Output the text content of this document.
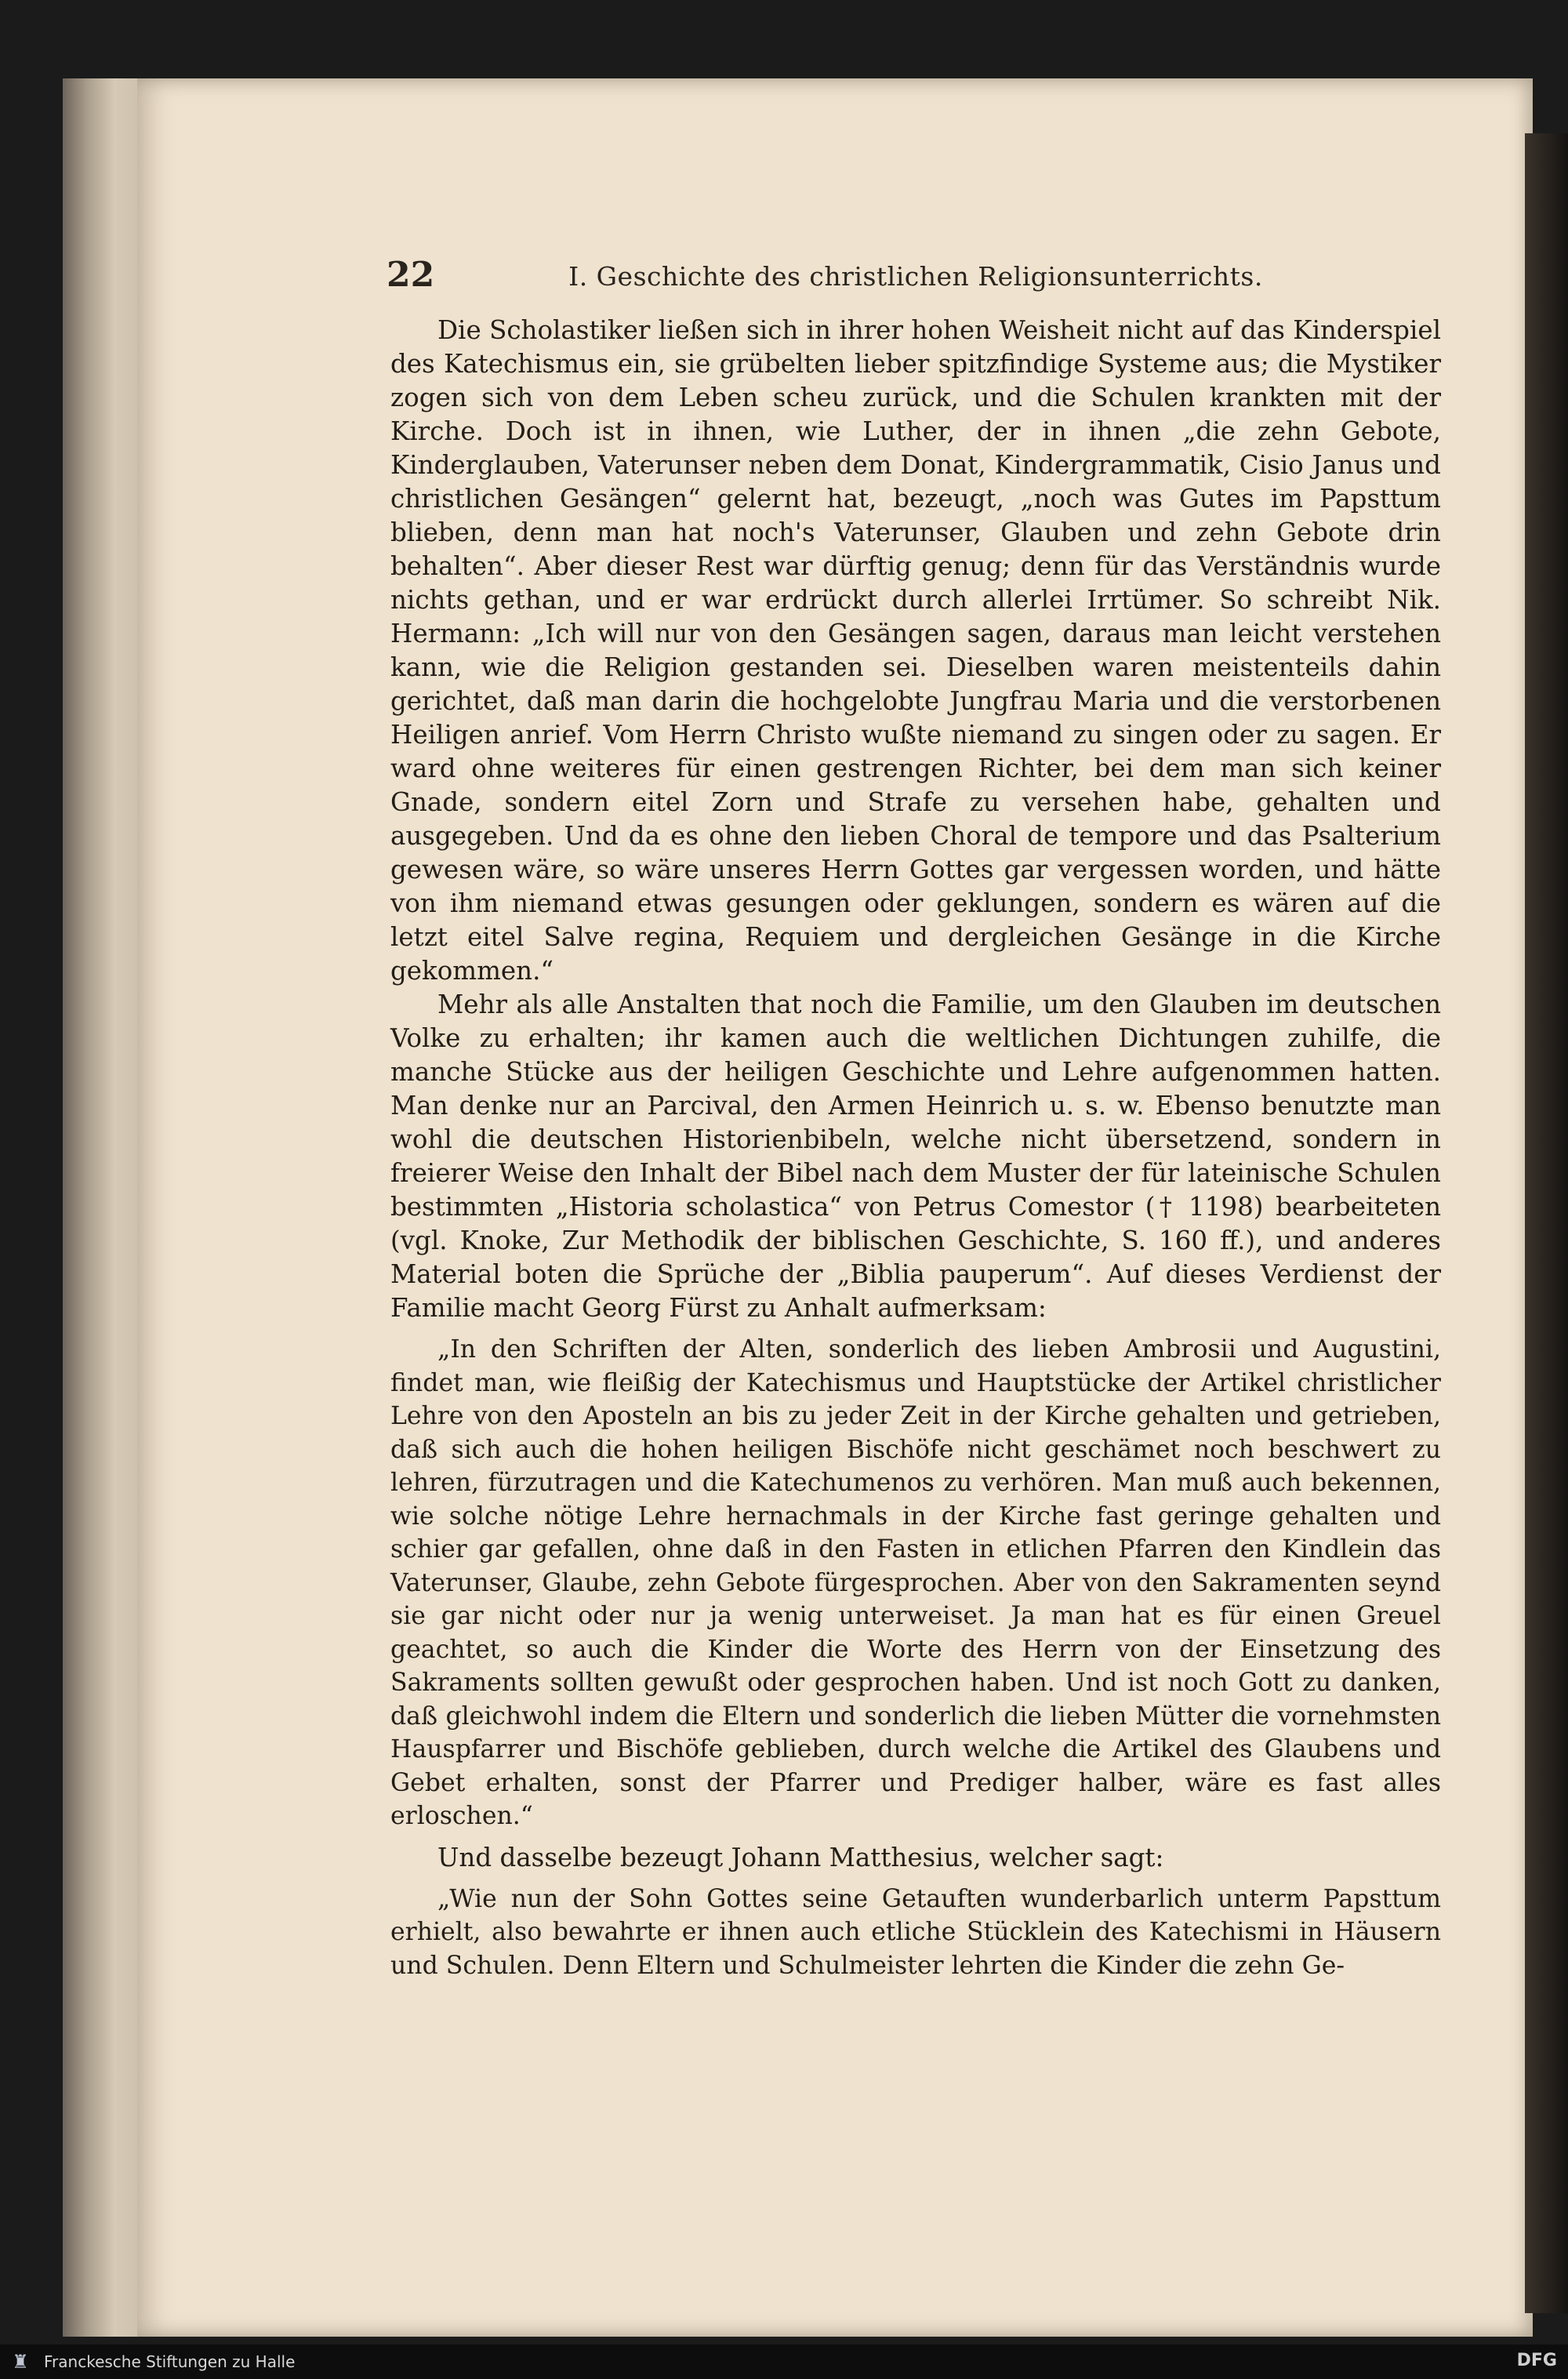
22	I. Geschichte des christlichen Religionsunterrichts.

Die Scholastiker ließen sich in ihrer hohen Weisheit nicht auf das Kinderspiel des Katechismus ein, sie grübelten lieber spitzfindige Systeme aus; die Mystiker zogen sich von dem Leben scheu zurück, und die Schulen krankten mit der Kirche. Doch ist in ihnen, wie Luther, der in ihnen „die zehn Gebote, Kinderglauben, Vaterunser neben dem Donat, Kindergrammatik, Cisio Janus und christlichen Gesängen“ gelernt hat, bezeugt, „noch was Gutes im Papsttum blieben, denn man hat noch's Vaterunser, Glauben und zehn Gebote drin behalten“. Aber dieser Rest war dürftig genug; denn für das Verständnis wurde nichts gethan, und er war erdrückt durch allerlei Irrtümer. So schreibt Nik. Hermann: „Ich will nur von den Gesängen sagen, daraus man leicht verstehen kann, wie die Religion gestanden sei. Dieselben waren meistenteils dahin gerichtet, daß man darin die hochgelobte Jungfrau Maria und die verstorbenen Heiligen anrief. Vom Herrn Christo wußte niemand zu singen oder zu sagen. Er ward ohne weiteres für einen gestrengen Richter, bei dem man sich keiner Gnade, sondern eitel Zorn und Strafe zu versehen habe, gehalten und ausgegeben. Und da es ohne den lieben Choral de tempore und das Psalterium gewesen wäre, so wäre unseres Herrn Gottes gar vergessen worden, und hätte von ihm niemand etwas gesungen oder geklungen, sondern es wären auf die letzt eitel Salve regina, Requiem und dergleichen Gesänge in die Kirche gekommen.“

Mehr als alle Anstalten that noch die Familie, um den Glauben im deutschen Volke zu erhalten; ihr kamen auch die weltlichen Dichtungen zuhilfe, die manche Stücke aus der heiligen Geschichte und Lehre aufgenommen hatten. Man denke nur an Parcival, den Armen Heinrich u. s. w. Ebenso benutzte man wohl die deutschen Historienbibeln, welche nicht übersetzend, sondern in freierer Weise den Inhalt der Bibel nach dem Muster der für lateinische Schulen bestimmten „Historia scholastica“ von Petrus Comestor († 1198) bearbeiteten (vgl. Knoke, Zur Methodik der biblischen Geschichte, S. 160 ff.), und anderes Material boten die Sprüche der „Biblia pauperum“. Auf dieses Verdienst der Familie macht Georg Fürst zu Anhalt aufmerksam:

„In den Schriften der Alten, sonderlich des lieben Ambrosii und Augustini, findet man, wie fleißig der Katechismus und Hauptstücke der Artikel christlicher Lehre von den Aposteln an bis zu jeder Zeit in der Kirche gehalten und getrieben, daß sich auch die hohen heiligen Bischöfe nicht geschämet noch beschwert zu lehren, fürzutragen und die Katechumenos zu verhören. Man muß auch bekennen, wie solche nötige Lehre hernachmals in der Kirche fast geringe gehalten und schier gar gefallen, ohne daß in den Fasten in etlichen Pfarren den Kindlein das Vaterunser, Glaube, zehn Gebote fürgesprochen. Aber von den Sakramenten seynd sie gar nicht oder nur ja wenig unterweiset. Ja man hat es für einen Greuel geachtet, so auch die Kinder die Worte des Herrn von der Einsetzung des Sakraments sollten gewußt oder gesprochen haben. Und ist noch Gott zu danken, daß gleichwohl indem die Eltern und sonderlich die lieben Mütter die vornehmsten Hauspfarrer und Bischöfe geblieben, durch welche die Artikel des Glaubens und Gebet erhalten, sonst der Pfarrer und Prediger halber, wäre es fast alles erloschen.“

Und dasselbe bezeugt Johann Matthesius, welcher sagt:

„Wie nun der Sohn Gottes seine Getauften wunderbarlich unterm Papsttum erhielt, also bewahrte er ihnen auch etliche Stücklein des Katechismi in Häusern und Schulen. Denn Eltern und Schulmeister lehrten die Kinder die zehn Ge-

♜ Franckesche Stiftungen zu Halle	DFG
